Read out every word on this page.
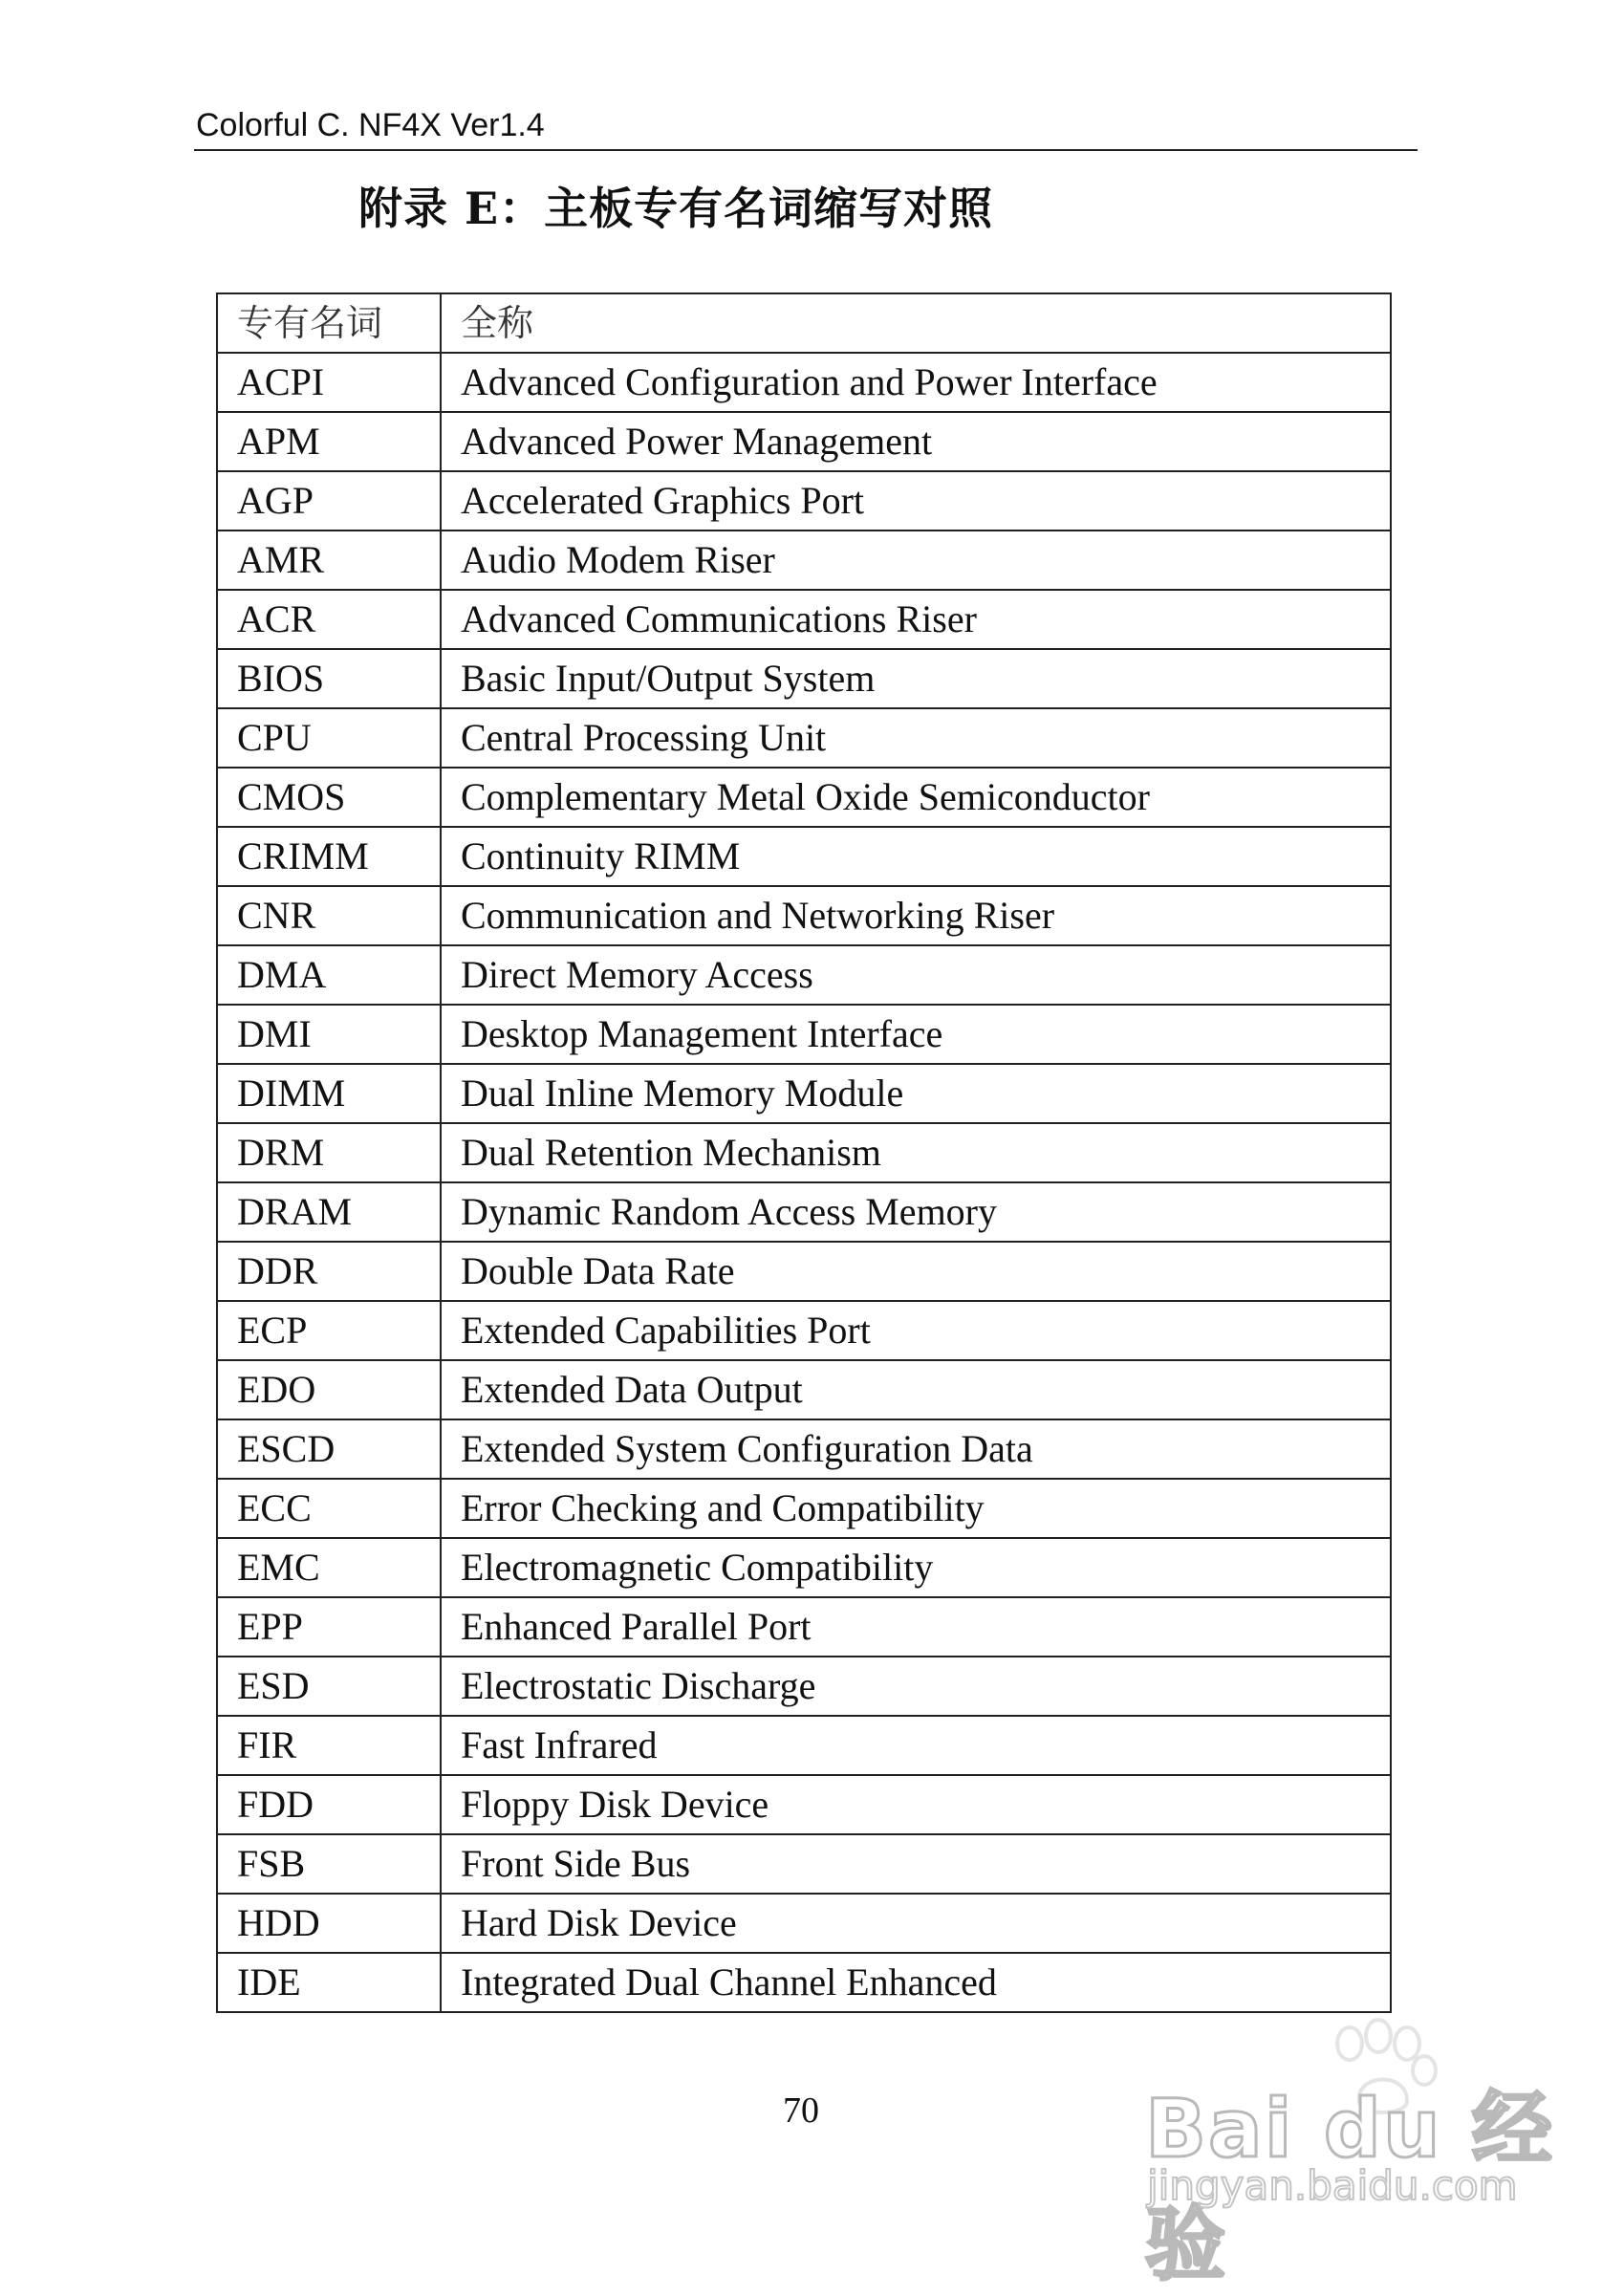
Colorful C. NF4X Ver1.4
附录 E：主板专有名词缩写对照
专有名词	全称
ACPI	Advanced Configuration and Power Interface
APM	Advanced Power Management
AGP	Accelerated Graphics Port
AMR	Audio Modem Riser
ACR	Advanced Communications Riser
BIOS	Basic Input/Output System
CPU	Central Processing Unit
CMOS	Complementary Metal Oxide Semiconductor
CRIMM	Continuity RIMM
CNR	Communication and Networking Riser
DMA	Direct Memory Access
DMI	Desktop Management Interface
DIMM	Dual Inline Memory Module
DRM	Dual Retention Mechanism
DRAM	Dynamic Random Access Memory
DDR	Double Data Rate
ECP	Extended Capabilities Port
EDO	Extended Data Output
ESCD	Extended System Configuration Data
ECC	Error Checking and Compatibility
EMC	Electromagnetic Compatibility
EPP	Enhanced Parallel Port
ESD	Electrostatic Discharge
FIR	Fast Infrared
FDD	Floppy Disk Device
FSB	Front Side Bus
HDD	Hard Disk Device
IDE	Integrated Dual Channel Enhanced
70	Bai du 经验
jingyan.baidu.com
